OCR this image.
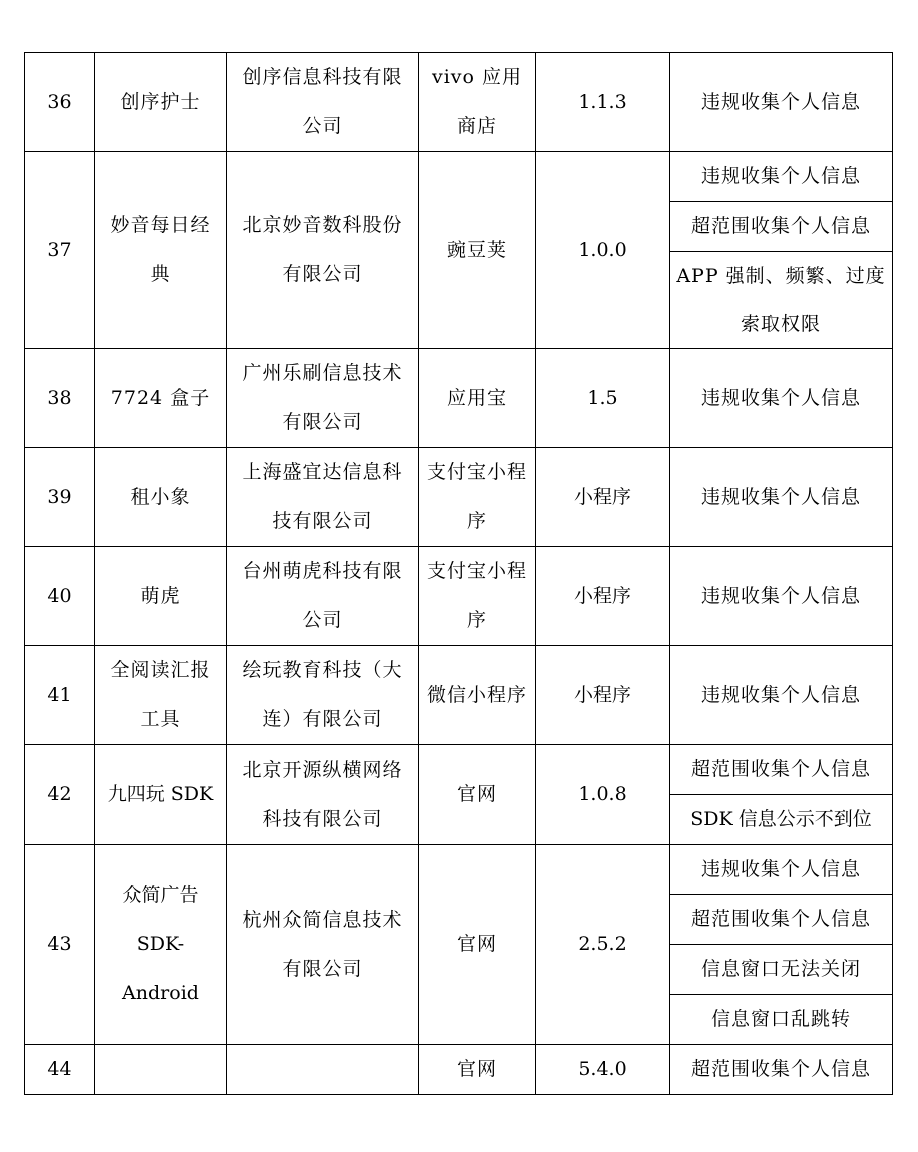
36	创序护士	创序信息科技有限公司	vivo 应用商店	1.1.3	违规收集个人信息
37	妙音每日经典	北京妙音数科股份有限公司	豌豆荚	1.0.0	违规收集个人信息
					超范围收集个人信息
					APP 强制、频繁、过度索取权限
38	7724 盒子	广州乐刷信息技术有限公司	应用宝	1.5	违规收集个人信息
39	租小象	上海盛宜达信息科技有限公司	支付宝小程序	小程序	违规收集个人信息
40	萌虎	台州萌虎科技有限公司	支付宝小程序	小程序	违规收集个人信息
41	全阅读汇报工具	绘玩教育科技（大连）有限公司	微信小程序	小程序	违规收集个人信息
42	九四玩 SDK	北京开源纵横网络科技有限公司	官网	1.0.8	超范围收集个人信息
					SDK 信息公示不到位
43	众简广告 SDK-Android	杭州众简信息技术有限公司	官网	2.5.2	违规收集个人信息
					超范围收集个人信息
					信息窗口无法关闭
					信息窗口乱跳转
44			官网	5.4.0	超范围收集个人信息
